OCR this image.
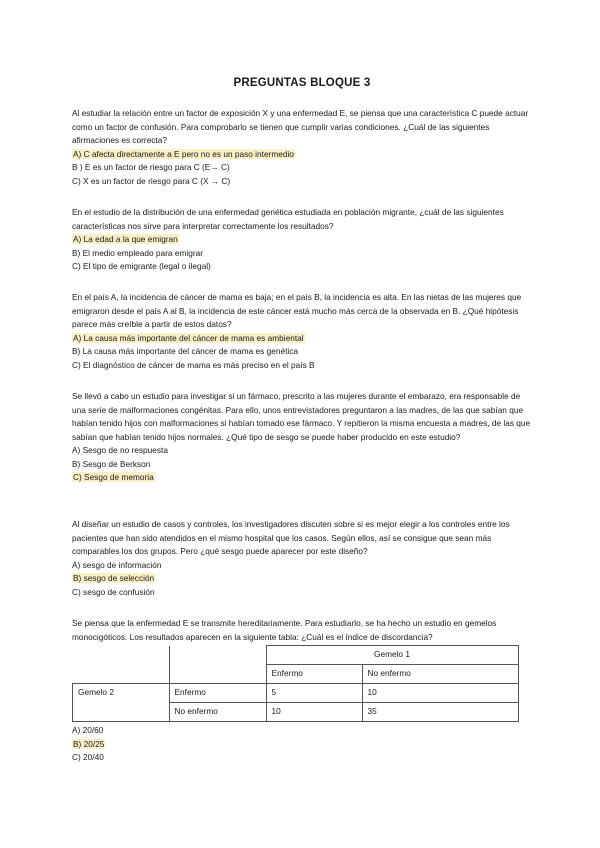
PREGUNTAS BLOQUE 3

Al estudiar la relación entre un factor de exposición X y una enfermedad E, se piensa que una característica C puede actuar como un factor de confusión. Para comprobarlo se tienen que cumplir varias condiciones. ¿Cuál de las siguientes afirmaciones es correcta?

A) C afecta directamente a E pero no es un paso intermedio

B ) E es un factor de riesgo para C (E→ C)

C) X es un factor de riesgo para C (X → C)

En el estudio de la distribución de una enfermedad genética estudiada en población migrante, ¿cuál de las siguientes características nos sirve para interpretar correctamente los resultados?

A) La edad a la que emigran

B) El medio empleado para emigrar

C) El tipo de emigrante (legal o ilegal)

En el país A, la incidencia de cáncer de mama es baja; en el país B, la incidencia es alta. En las nietas de las mujeres que emigraron desde el país A al B, la incidencia de este cáncer está mucho más cerca de la observada en B. ¿Qué hipótesis parece más creíble a partir de estos datos?

A) La causa más importante del cáncer de mama es ambiental

B) La causa más importante del cáncer de mama es genética

C) El diagnóstico de cáncer de mama es más preciso en el país B

Se llevó a cabo un estudio para investigar si un fármaco, prescrito a las mujeres durante el embarazo, era responsable de una serie de malformaciones congénitas. Para ello, unos entrevistadores preguntaron a las madres, de las que sabían que habían tenido hijos con malformaciones si habían tomado ese fármaco. Y repitieron la misma encuesta a madres, de las que sabían que habían tenido hijos normales. ¿Qué tipo de sesgo se puede haber producido en este estudio?

A) Sesgo de no respuesta

B) Sesgo de Berkson

C) Sesgo de memoria

Al diseñar un estudio de casos y controles, los investigadores discuten sobre si es mejor elegir a los controles entre los pacientes que han sido atendidos en el mismo hospital que los casos. Según ellos, así se consigue que sean más comparables los dos grupos. Pero ¿qué sesgo puede aparecer por este diseño?

A) sesgo de información

B) sesgo de selección

C) sesgo de confusión

Se piensa que la enfermedad E se transmite hereditariamente. Para estudiarlo, se ha hecho un estudio en gemelos monocigóticos. Los resultados aparecen en la siguiente tabla: ¿Cuál es el índice de discordancia?

		Gemelo 1	
		Enfermo	No enfermo
Gemelo 2	Enfermo	5	10
	No enfermo	10	35

A) 20/60

B) 20/25

C) 20/40
